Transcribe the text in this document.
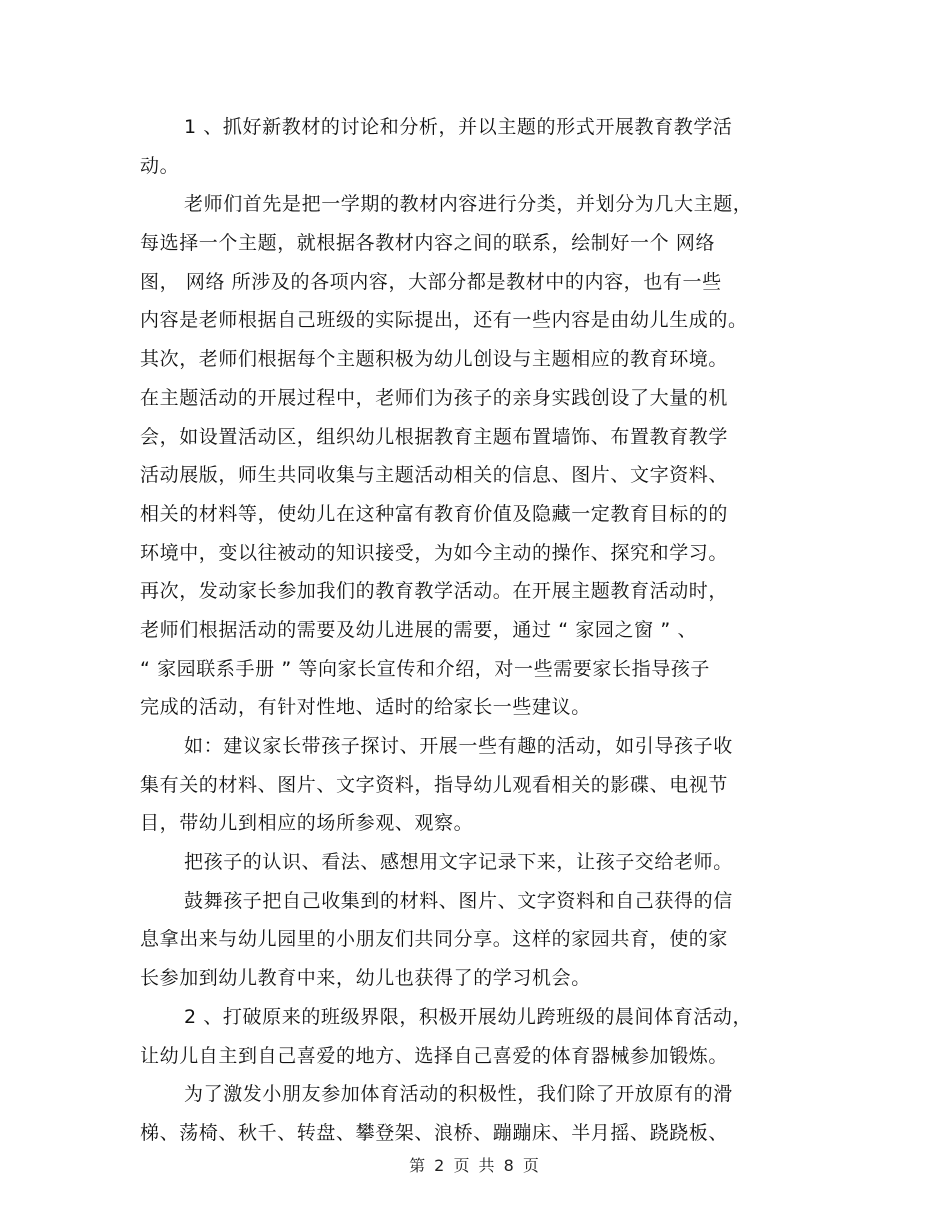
1 、抓好新教材的讨论和分析，并以主题的形式开展教育教学活
动。
老师们首先是把一学期的教材内容进行分类，并划分为几大主题，
每选择一个主题，就根据各教材内容之间的联系，绘制好一个 网络
图， 网络 所涉及的各项内容，大部分都是教材中的内容，也有一些
内容是老师根据自己班级的实际提出，还有一些内容是由幼儿生成的。
其次，老师们根据每个主题积极为幼儿创设与主题相应的教育环境。
在主题活动的开展过程中，老师们为孩子的亲身实践创设了大量的机
会，如设置活动区，组织幼儿根据教育主题布置墙饰、布置教育教学
活动展版，师生共同收集与主题活动相关的信息、图片、文字资料、
相关的材料等，使幼儿在这种富有教育价值及隐藏一定教育目标的的
环境中，变以往被动的知识接受，为如今主动的操作、探究和学习。
再次，发动家长参加我们的教育教学活动。在开展主题教育活动时，
老师们根据活动的需要及幼儿进展的需要，通过 “ 家园之窗 ” 、
“ 家园联系手册 ” 等向家长宣传和介绍，对一些需要家长指导孩子
完成的活动，有针对性地、适时的给家长一些建议。
如：建议家长带孩子探讨、开展一些有趣的活动，如引导孩子收
集有关的材料、图片、文字资料，指导幼儿观看相关的影碟、电视节
目，带幼儿到相应的场所参观、观察。
把孩子的认识、看法、感想用文字记录下来，让孩子交给老师。
鼓舞孩子把自己收集到的材料、图片、文字资料和自己获得的信
息拿出来与幼儿园里的小朋友们共同分享。这样的家园共育，使的家
长参加到幼儿教育中来，幼儿也获得了的学习机会。
2 、打破原来的班级界限，积极开展幼儿跨班级的晨间体育活动，
让幼儿自主到自己喜爱的地方、选择自己喜爱的体育器械参加锻炼。
为了激发小朋友参加体育活动的积极性，我们除了开放原有的滑
梯、荡椅、秋千、转盘、攀登架、浪桥、蹦蹦床、半月摇、跷跷板、
第 2 页 共 8 页
